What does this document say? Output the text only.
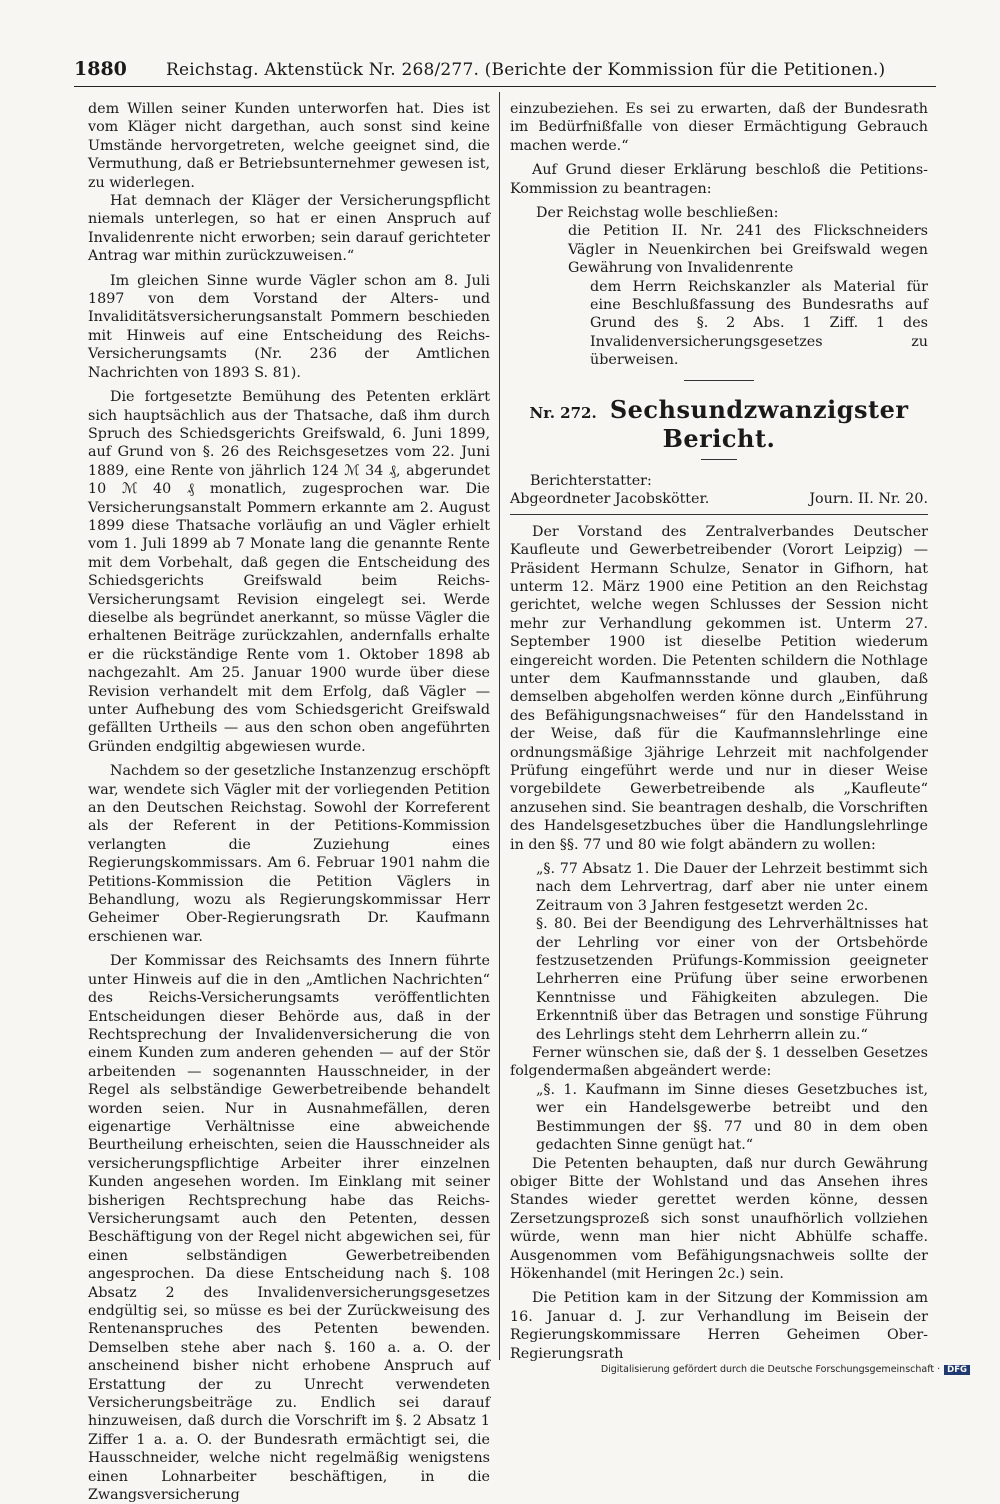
1880 Reichstag. Aktenstück Nr. 268/277. (Berichte der Kommission für die Petitionen.)

dem Willen seiner Kunden unterworfen hat. Dies ist vom Kläger nicht dargethan, auch sonst sind keine Umstände hervorgetreten, welche geeignet sind, die Vermuthung, daß er Betriebsunternehmer gewesen ist, zu widerlegen.

Hat demnach der Kläger der Versicherungspflicht niemals unterlegen, so hat er einen Anspruch auf Invalidenrente nicht erworben; sein darauf gerichteter Antrag war mithin zurückzuweisen.“

Im gleichen Sinne wurde Vägler schon am 8. Juli 1897 von dem Vorstand der Alters- und Invaliditätsversicherungsanstalt Pommern beschieden mit Hinweis auf eine Entscheidung des Reichs-Versicherungsamts (Nr. 236 der Amtlichen Nachrichten von 1893 S. 81).

Die fortgesetzte Bemühung des Petenten erklärt sich hauptsächlich aus der Thatsache, daß ihm durch Spruch des Schiedsgerichts Greifswald, 6. Juni 1899, auf Grund von §. 26 des Reichsgesetzes vom 22. Juni 1889, eine Rente von jährlich 124 ℳ 34 ₰, abgerundet 10 ℳ 40 ₰ monatlich, zugesprochen war. Die Versicherungsanstalt Pommern erkannte am 2. August 1899 diese Thatsache vorläufig an und Vägler erhielt vom 1. Juli 1899 ab 7 Monate lang die genannte Rente mit dem Vorbehalt, daß gegen die Entscheidung des Schiedsgerichts Greifswald beim Reichs-Versicherungsamt Revision eingelegt sei. Werde dieselbe als begründet anerkannt, so müsse Vägler die erhaltenen Beiträge zurückzahlen, andernfalls erhalte er die rückständige Rente vom 1. Oktober 1898 ab nachgezahlt. Am 25. Januar 1900 wurde über diese Revision verhandelt mit dem Erfolg, daß Vägler — unter Aufhebung des vom Schiedsgericht Greifswald gefällten Urtheils — aus den schon oben angeführten Gründen endgiltig abgewiesen wurde.

Nachdem so der gesetzliche Instanzenzug erschöpft war, wendete sich Vägler mit der vorliegenden Petition an den Deutschen Reichstag. Sowohl der Korreferent als der Referent in der Petitions-Kommission verlangten die Zuziehung eines Regierungskommissars. Am 6. Februar 1901 nahm die Petitions-Kommission die Petition Väglers in Behandlung, wozu als Regierungskommissar Herr Geheimer Ober-Regierungsrath Dr. Kaufmann erschienen war.

Der Kommissar des Reichsamts des Innern führte unter Hinweis auf die in den „Amtlichen Nachrichten“ des Reichs-Versicherungsamts veröffentlichten Entscheidungen dieser Behörde aus, daß in der Rechtsprechung der Invalidenversicherung die von einem Kunden zum anderen gehenden — auf der Stör arbeitenden — sogenannten Hausschneider, in der Regel als selbständige Gewerbetreibende behandelt worden seien. Nur in Ausnahmefällen, deren eigenartige Verhältnisse eine abweichende Beurtheilung erheischten, seien die Hausschneider als versicherungspflichtige Arbeiter ihrer einzelnen Kunden angesehen worden. Im Einklang mit seiner bisherigen Rechtsprechung habe das Reichs-Versicherungsamt auch den Petenten, dessen Beschäftigung von der Regel nicht abgewichen sei, für einen selbständigen Gewerbetreibenden angesprochen. Da diese Entscheidung nach §. 108 Absatz 2 des Invalidenversicherungsgesetzes endgültig sei, so müsse es bei der Zurückweisung des Rentenanspruches des Petenten bewenden. Demselben stehe aber nach §. 160 a. a. O. der anscheinend bisher nicht erhobene Anspruch auf Erstattung der zu Unrecht verwendeten Versicherungsbeiträge zu. Endlich sei darauf hinzuweisen, daß durch die Vorschrift im §. 2 Absatz 1 Ziffer 1 a. a. O. der Bundesrath ermächtigt sei, die Hausschneider, welche nicht regelmäßig wenigstens einen Lohnarbeiter beschäftigen, in die Zwangsversicherung

einzubeziehen. Es sei zu erwarten, daß der Bundesrath im Bedürfnißfalle von dieser Ermächtigung Gebrauch machen werde.“

Auf Grund dieser Erklärung beschloß die Petitions-Kommission zu beantragen:

Der Reichstag wolle beschließen:

die Petition II. Nr. 241 des Flickschneiders Vägler in Neuenkirchen bei Greifswald wegen Gewährung von Invalidenrente

dem Herrn Reichskanzler als Material für eine Beschlußfassung des Bundesraths auf Grund des §. 2 Abs. 1 Ziff. 1 des Invalidenversicherungsgesetzes zu überweisen.

Nr. 272. Sechsundzwanzigster Bericht.
Berichterstatter:
Abgeordneter Jacobskötter.	Journ. II. Nr. 20.

Der Vorstand des Zentralverbandes Deutscher Kaufleute und Gewerbetreibender (Vorort Leipzig) — Präsident Hermann Schulze, Senator in Gifhorn, hat unterm 12. März 1900 eine Petition an den Reichstag gerichtet, welche wegen Schlusses der Session nicht mehr zur Verhandlung gekommen ist. Unterm 27. September 1900 ist dieselbe Petition wiederum eingereicht worden. Die Petenten schildern die Nothlage unter dem Kaufmannsstande und glauben, daß demselben abgeholfen werden könne durch „Einführung des Befähigungsnachweises“ für den Handelsstand in der Weise, daß für die Kaufmannslehrlinge eine ordnungsmäßige 3jährige Lehrzeit mit nachfolgender Prüfung eingeführt werde und nur in dieser Weise vorgebildete Gewerbetreibende als „Kaufleute“ anzusehen sind. Sie beantragen deshalb, die Vorschriften des Handelsgesetzbuches über die Handlungslehrlinge in den §§. 77 und 80 wie folgt abändern zu wollen:

„§. 77 Absatz 1. Die Dauer der Lehrzeit bestimmt sich nach dem Lehrvertrag, darf aber nie unter einem Zeitraum von 3 Jahren festgesetzt werden 2c.

§. 80. Bei der Beendigung des Lehrverhältnisses hat der Lehrling vor einer von der Ortsbehörde festzusetzenden Prüfungs-Kommission geeigneter Lehrherren eine Prüfung über seine erworbenen Kenntnisse und Fähigkeiten abzulegen. Die Erkenntniß über das Betragen und sonstige Führung des Lehrlings steht dem Lehrherrn allein zu.“

Ferner wünschen sie, daß der §. 1 desselben Gesetzes folgendermaßen abgeändert werde:

„§. 1. Kaufmann im Sinne dieses Gesetzbuches ist, wer ein Handelsgewerbe betreibt und den Bestimmungen der §§. 77 und 80 in dem oben gedachten Sinne genügt hat.“

Die Petenten behaupten, daß nur durch Gewährung obiger Bitte der Wohlstand und das Ansehen ihres Standes wieder gerettet werden könne, dessen Zersetzungsprozeß sich sonst unaufhörlich vollziehen würde, wenn man hier nicht Abhülfe schaffe. Ausgenommen vom Befähigungsnachweis sollte der Hökenhandel (mit Heringen 2c.) sein.

Die Petition kam in der Sitzung der Kommission am 16. Januar d. J. zur Verhandlung im Beisein der Regierungskommissare Herren Geheimen Ober-Regierungsrath

Digitalisierung gefördert durch die Deutsche Forschungsgemeinschaft · DFG
